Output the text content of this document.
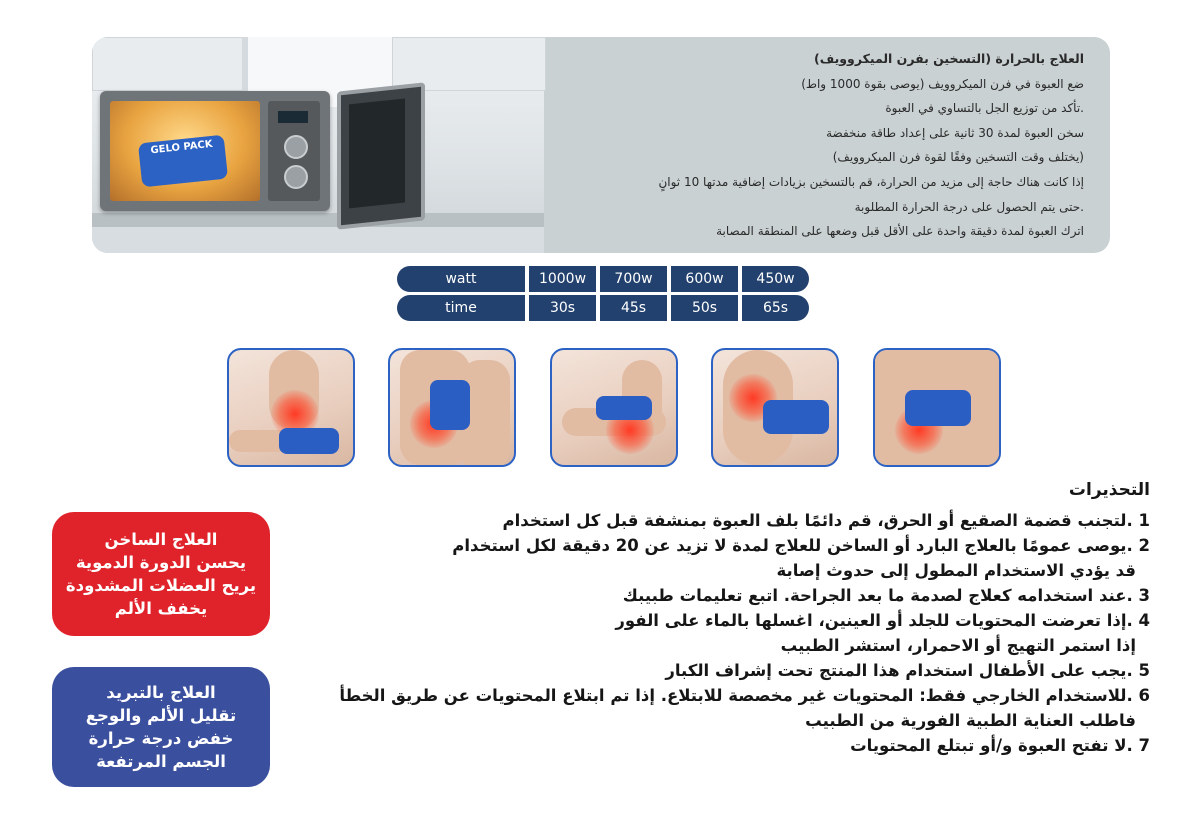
GELO PACK

العلاج بالحرارة (التسخين بفرن الميكروويف)

ضع العبوة في فرن الميكروويف (يوصى بقوة 1000 واط)

.تأكد من توزيع الجل بالتساوي في العبوة

سخن العبوة لمدة 30 ثانية على إعداد طاقة منخفضة

(يختلف وقت التسخين وفقًا لقوة فرن الميكروويف)

إذا كانت هناك حاجة إلى مزيد من الحرارة، قم بالتسخين بزيادات إضافية مدتها 10 ثوانٍ

.حتى يتم الحصول على درجة الحرارة المطلوبة

اترك العبوة لمدة دقيقة واحدة على الأقل قبل وضعها على المنطقة المصابة

watt	1000w	700w	600w	450w
time	30s	45s	50s	65s
العلاج الساخن
يحسن الدورة الدموية
يريح العضلات المشدودة
يخفف الألم
العلاج بالتبريد
تقليل الألم والوجع
خفض درجة حرارة
الجسم المرتفعة
التحذيرات
1 .لتجنب قضمة الصقيع أو الحرق، قم دائمًا بلف العبوة بمنشفة قبل كل استخدام
2 .يوصى عمومًا بالعلاج البارد أو الساخن للعلاج لمدة لا تزيد عن 20 دقيقة لكل استخدام
قد يؤدي الاستخدام المطول إلى حدوث إصابة
3 .عند استخدامه كعلاج لصدمة ما بعد الجراحة. اتبع تعليمات طبيبك
4 .إذا تعرضت المحتويات للجلد أو العينين، اغسلها بالماء على الفور
إذا استمر التهيج أو الاحمرار، استشر الطبيب
5 .يجب على الأطفال استخدام هذا المنتج تحت إشراف الكبار
6 .للاستخدام الخارجي فقط: المحتويات غير مخصصة للابتلاع. إذا تم ابتلاع المحتويات عن طريق الخطأ
فاطلب العناية الطبية الفورية من الطبيب
7 .لا تفتح العبوة و/أو تبتلع المحتويات
